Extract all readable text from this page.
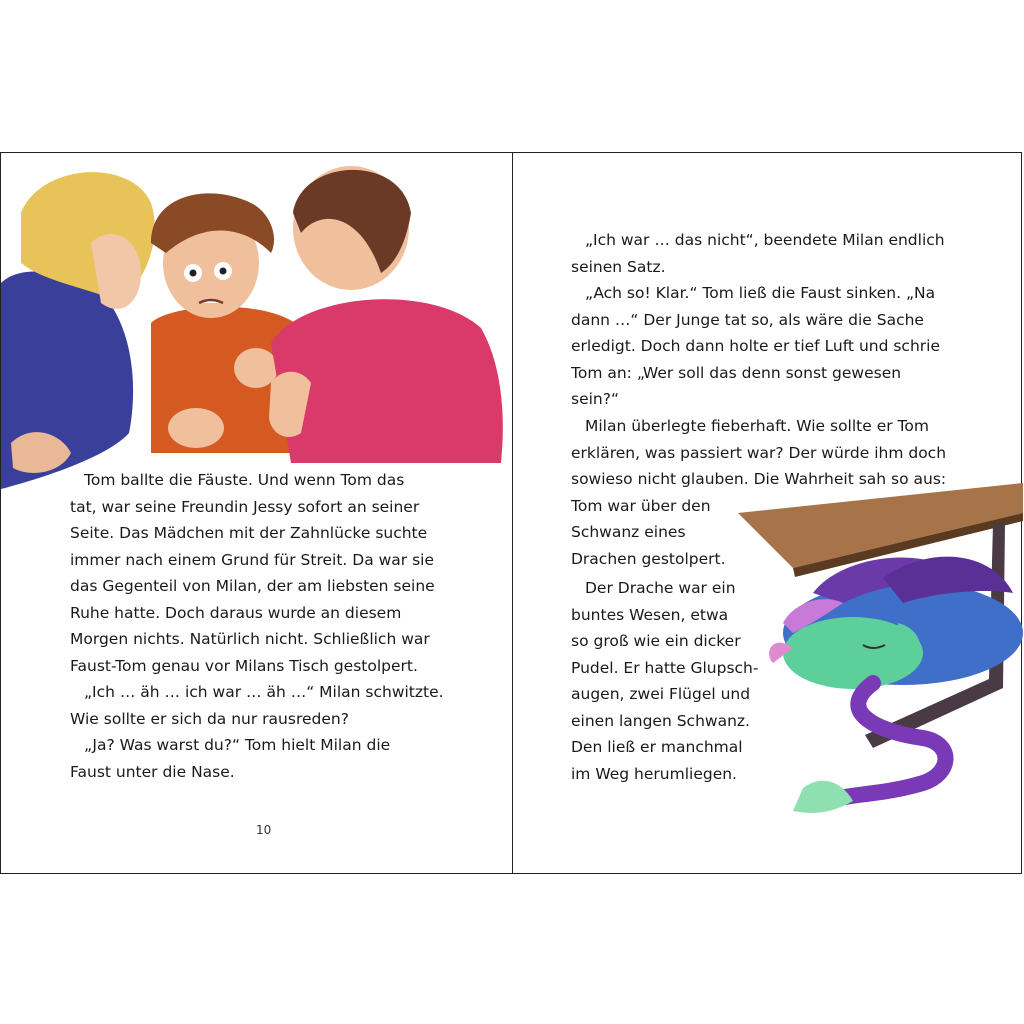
Tom ballte die Fäuste. Und wenn Tom das
tat, war seine Freundin Jessy sofort an seiner
Seite. Das Mädchen mit der Zahnlücke suchte
immer nach einem Grund für Streit. Da war sie
das Gegenteil von Milan, der am liebsten seine
Ruhe hatte. Doch daraus wurde an diesem
Morgen nichts. Natürlich nicht. Schließlich war
Faust-Tom genau vor Milans Tisch gestolpert.

„Ich … äh … ich war … äh …“ Milan schwitzte.
Wie sollte er sich da nur rausreden?

„Ja? Was warst du?“ Tom hielt Milan die
Faust unter die Nase.

10

„Ich war … das nicht“, beendete Milan endlich
seinen Satz.

„Ach so! Klar.“ Tom ließ die Faust sinken. „Na
dann …“ Der Junge tat so, als wäre die Sache
erledigt. Doch dann holte er tief Luft und schrie
Tom an: „Wer soll das denn sonst gewesen
sein?“

Milan überlegte fieberhaft. Wie sollte er Tom
erklären, was passiert war? Der würde ihm doch
sowieso nicht glauben. Die Wahrheit sah so aus:
Tom war über den
Schwanz eines
Drachen gestolpert.

Der Drache war ein
buntes Wesen, etwa
so groß wie ein dicker
Pudel. Er hatte Glupsch-
augen, zwei Flügel und
einen langen Schwanz.
Den ließ er manchmal
im Weg herumliegen.
